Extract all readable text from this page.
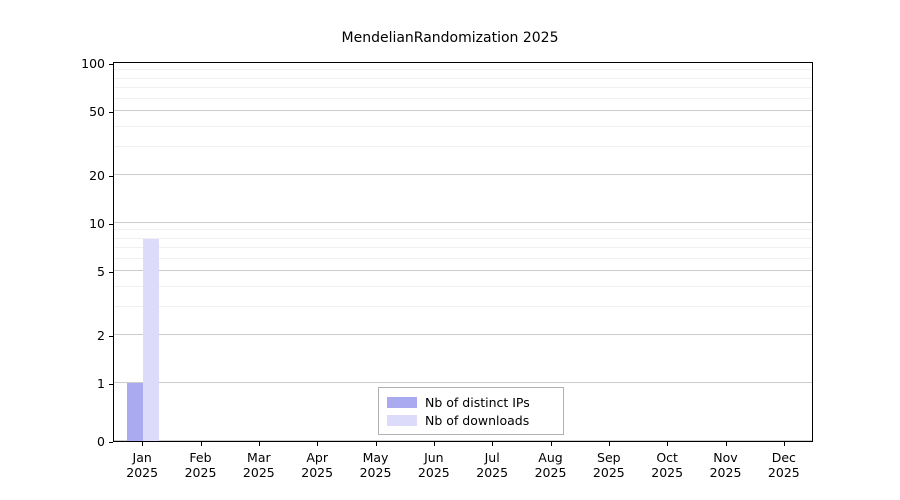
MendelianRandomization 2025
0
1
2
5
10
20
50
100
Jan
2025
Feb
2025
Mar
2025
Apr
2025
May
2025
Jun
2025
Jul
2025
Aug
2025
Sep
2025
Oct
2025
Nov
2025
Dec
2025
Nb of distinct IPs
Nb of downloads
